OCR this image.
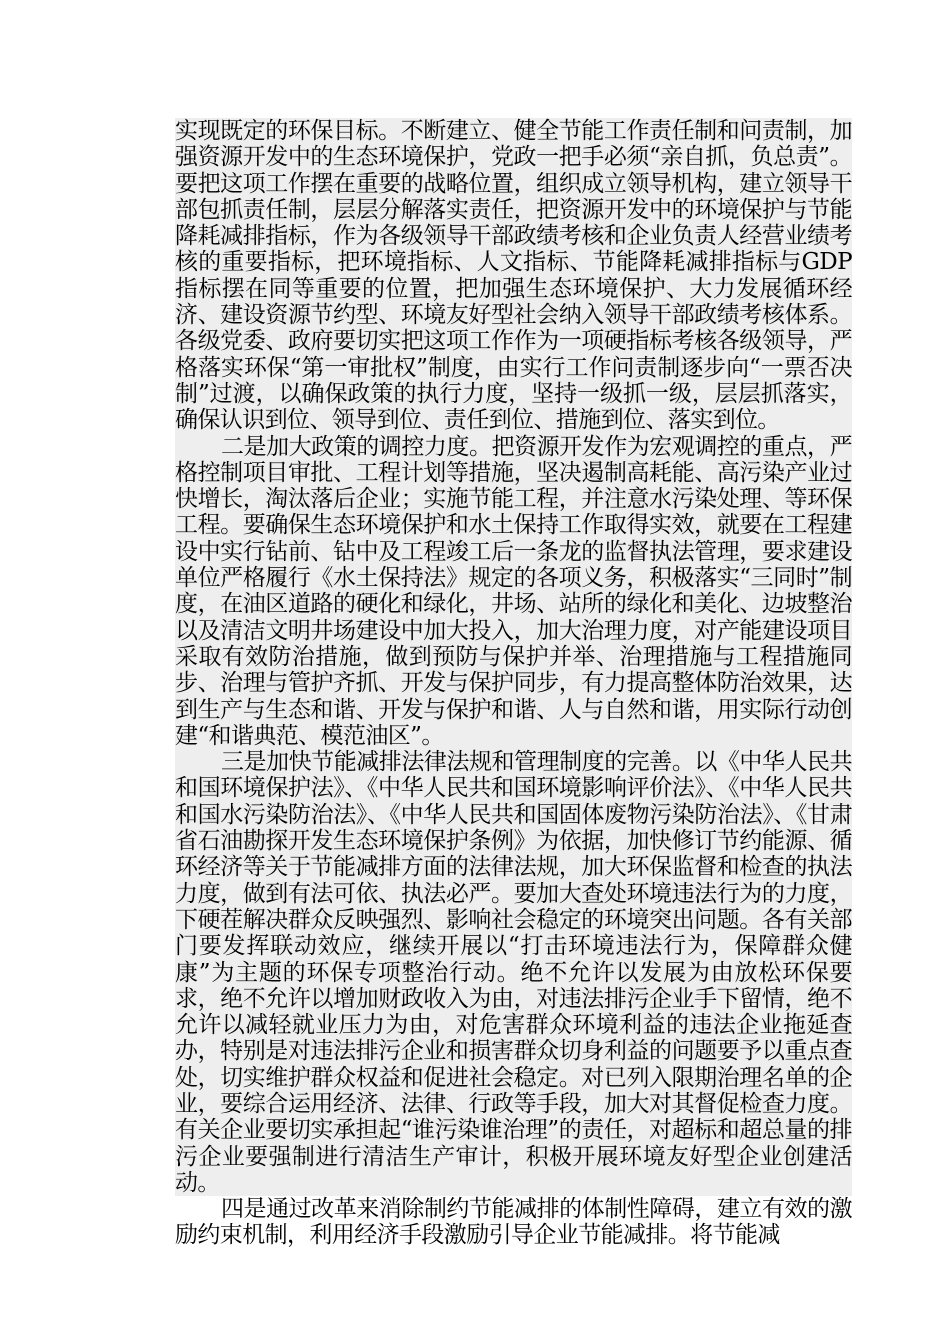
实现既定的环保目标。不断建立、健全节能工作责任制和问责制，加强资源开发中的生态环境保护，党政一把手必须“亲自抓，负总责”。要把这项工作摆在重要的战略位置，组织成立领导机构，建立领导干部包抓责任制，层层分解落实责任，把资源开发中的环境保护与节能降耗减排指标，作为各级领导干部政绩考核和企业负责人经营业绩考核的重要指标，把环境指标、人文指标、节能降耗减排指标与GDP指标摆在同等重要的位置，把加强生态环境保护、大力发展循环经济、建设资源节约型、环境友好型社会纳入领导干部政绩考核体系。各级党委、政府要切实把这项工作作为一项硬指标考核各级领导，严格落实环保“第一审批权”制度，由实行工作问责制逐步向“一票否决制”过渡，以确保政策的执行力度，坚持一级抓一级，层层抓落实，确保认识到位、领导到位、责任到位、措施到位、落实到位。

二是加大政策的调控力度。把资源开发作为宏观调控的重点，严格控制项目审批、工程计划等措施，坚决遏制高耗能、高污染产业过快增长，淘汰落后企业；实施节能工程，并注意水污染处理、等环保工程。要确保生态环境保护和水土保持工作取得实效，就要在工程建设中实行钻前、钻中及工程竣工后一条龙的监督执法管理，要求建设单位严格履行《水土保持法》规定的各项义务，积极落实“三同时”制度，在油区道路的硬化和绿化，井场、站所的绿化和美化、边坡整治以及清洁文明井场建设中加大投入，加大治理力度，对产能建设项目采取有效防治措施，做到预防与保护并举、治理措施与工程措施同步、治理与管护齐抓、开发与保护同步，有力提高整体防治效果，达到生产与生态和谐、开发与保护和谐、人与自然和谐，用实际行动创建“和谐典范、模范油区”。

三是加快节能减排法律法规和管理制度的完善。以《中华人民共和国环境保护法》、《中华人民共和国环境影响评价法》、《中华人民共和国水污染防治法》、《中华人民共和国固体废物污染防治法》、《甘肃省石油勘探开发生态环境保护条例》为依据，加快修订节约能源、循环经济等关于节能减排方面的法律法规，加大环保监督和检查的执法力度，做到有法可依、执法必严。要加大查处环境违法行为的力度，下硬茬解决群众反映强烈、影响社会稳定的环境突出问题。各有关部门要发挥联动效应，继续开展以“打击环境违法行为，保障群众健康”为主题的环保专项整治行动。绝不允许以发展为由放松环保要求，绝不允许以增加财政收入为由，对违法排污企业手下留情，绝不允许以减轻就业压力为由，对危害群众环境利益的违法企业拖延查办，特别是对违法排污企业和损害群众切身利益的问题要予以重点查处，切实维护群众权益和促进社会稳定。对已列入限期治理名单的企业，要综合运用经济、法律、行政等手段，加大对其督促检查力度。有关企业要切实承担起“谁污染谁治理”的责任，对超标和超总量的排污企业要强制进行清洁生产审计，积极开展环境友好型企业创建活动。

四是通过改革来消除制约节能减排的体制性障碍，建立有效的激励约束机制，利用经济手段激励引导企业节能减排。将节能减
